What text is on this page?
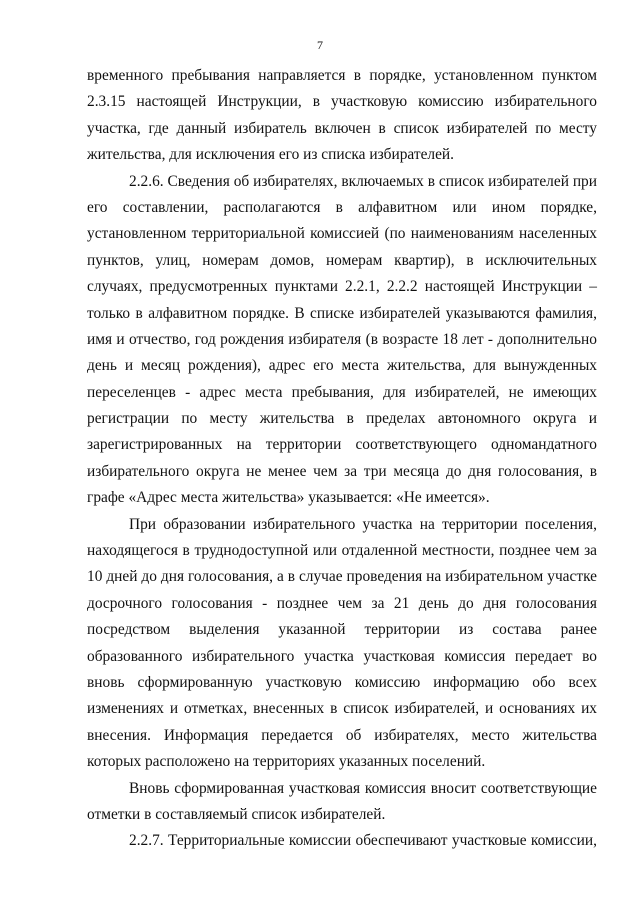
7
временного пребывания направляется в порядке, установленном пунктом
2.3.15 настоящей Инструкции, в участковую комиссию избирательного
участка, где данный избиратель включен в список избирателей по месту
жительства, для исключения его из списка избирателей.
2.2.6. Сведения об избирателях, включаемых в список избирателей при
его составлении, располагаются в алфавитном или ином порядке,
установленном территориальной комиссией (по наименованиям населенных
пунктов, улиц, номерам домов, номерам квартир), в исключительных
случаях, предусмотренных пунктами 2.2.1, 2.2.2 настоящей Инструкции –
только в алфавитном порядке. В списке избирателей указываются фамилия,
имя и отчество, год рождения избирателя (в возрасте 18 лет - дополнительно
день и месяц рождения), адрес его места жительства, для вынужденных
переселенцев - адрес места пребывания, для избирателей, не имеющих
регистрации по месту жительства в пределах автономного округа и
зарегистрированных на территории соответствующего одномандатного
избирательного округа не менее чем за три месяца до дня голосования, в
графе «Адрес места жительства» указывается: «Не имеется».
При образовании избирательного участка на территории поселения,
находящегося в труднодоступной или отдаленной местности, позднее чем за
10 дней до дня голосования, а в случае проведения на избирательном участке
досрочного голосования - позднее чем за 21 день до дня голосования
посредством выделения указанной территории из состава ранее
образованного избирательного участка участковая комиссия передает во
вновь сформированную участковую комиссию информацию обо всех
изменениях и отметках, внесенных в список избирателей, и основаниях их
внесения. Информация передается об избирателях, место жительства
которых расположено на территориях указанных поселений.
Вновь сформированная участковая комиссия вносит соответствующие
отметки в составляемый список избирателей.
2.2.7. Территориальные комиссии обеспечивают участковые комиссии,
